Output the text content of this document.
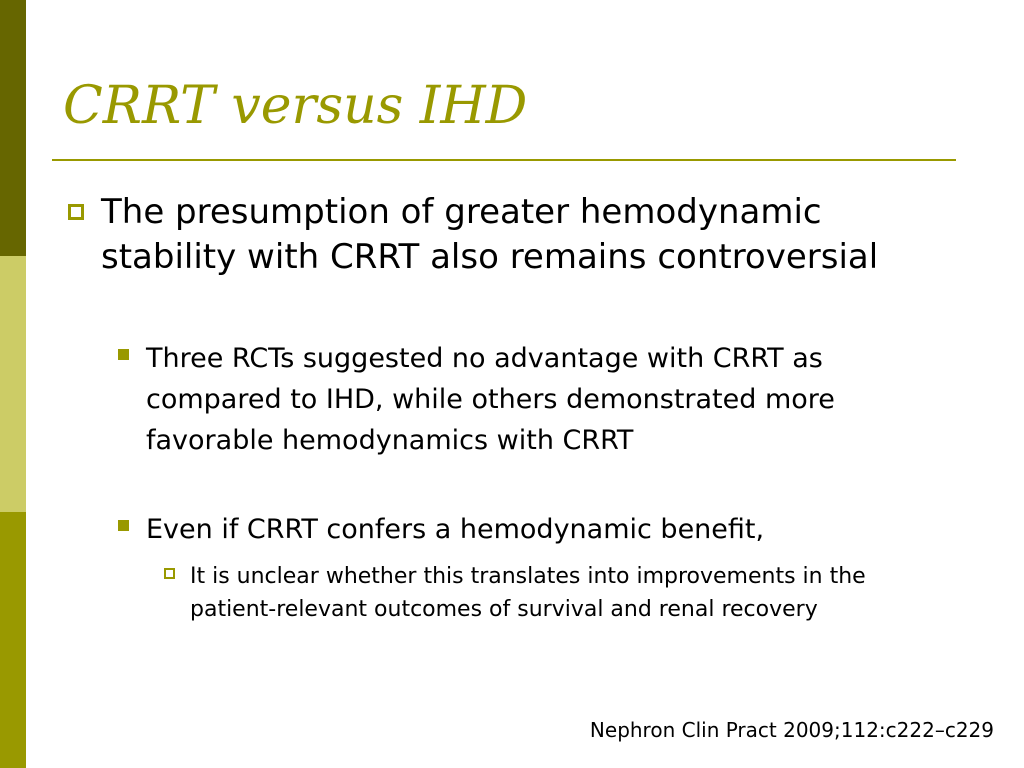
CRRT versus IHD
The presumption of greater hemodynamic stability with CRRT also remains controversial
Three RCTs suggested no advantage with CRRT as compared to IHD, while others demonstrated more favorable hemodynamics with CRRT
Even if CRRT confers a hemodynamic benefit,
It is unclear whether this translates into improvements in the patient-relevant outcomes of survival and renal recovery
Nephron Clin Pract 2009;112:c222–c229
